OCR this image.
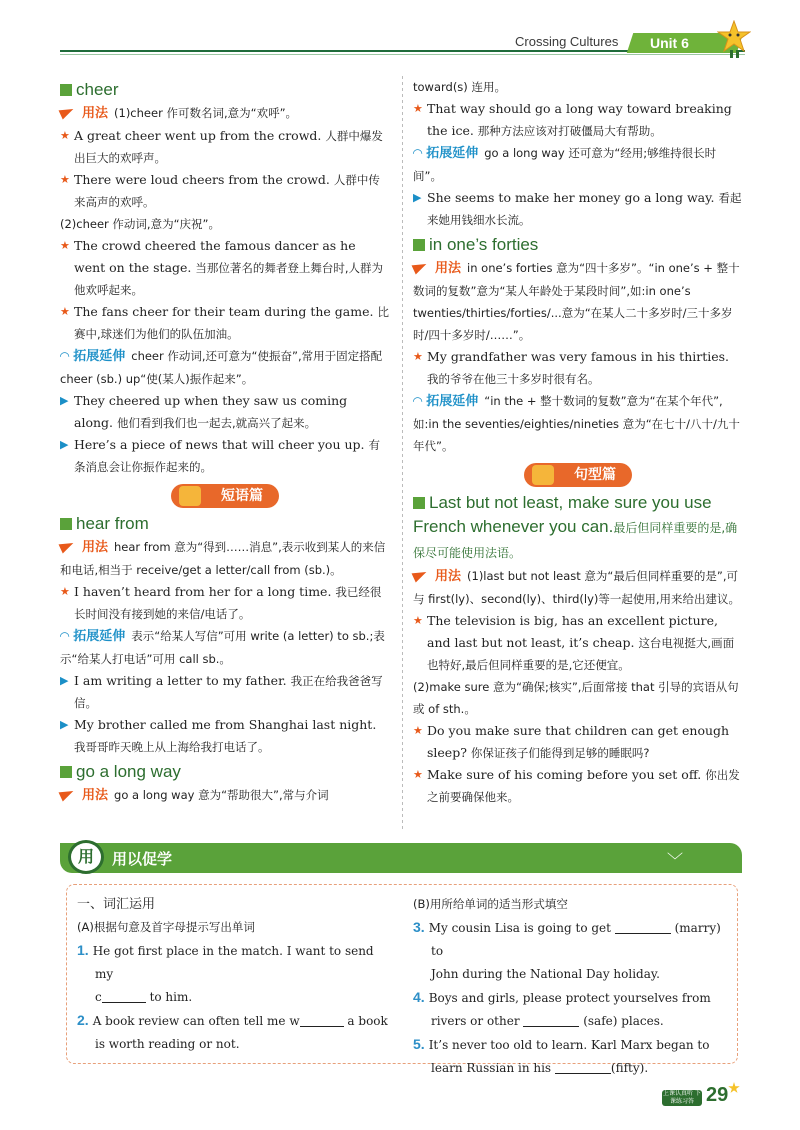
Crossing Cultures Unit 6
cheer
用法 (1)cheer 作可数名词,意为“欢呼”。
★ A great cheer went up from the crowd. 人群中爆发出巨大的欢呼声。
★ There were loud cheers from the crowd. 人群中传来高声的欢呼。
(2)cheer 作动词,意为“庆祝”。
★ The crowd cheered the famous dancer as he went on the stage. 当那位著名的舞者登上舞台时,人群为他欢呼起来。
★ The fans cheer for their team during the game. 比赛中,球迷们为他们的队伍加油。
◠ 拓展延伸 cheer 作动词,还可意为“使振奋”,常用于固定搭配 cheer (sb.) up“使(某人)振作起来”。
▶ They cheered up when they saw us coming along. 他们看到我们也一起去,就高兴了起来。
▶ Here’s a piece of news that will cheer you up. 有条消息会让你振作起来的。
短语篇
hear from
用法 hear from 意为“得到……消息”,表示收到某人的来信和电话,相当于 receive/get a letter/call from (sb.)。
★ I haven’t heard from her for a long time. 我已经很长时间没有接到她的来信/电话了。
◠ 拓展延伸 表示“给某人写信”可用 write (a letter) to sb.;表示“给某人打电话”可用 call sb.。
▶ I am writing a letter to my father. 我正在给我爸爸写信。
▶ My brother called me from Shanghai last night. 我哥哥昨天晚上从上海给我打电话了。
go a long way
用法 go a long way 意为“帮助很大”,常与介词
toward(s) 连用。
★ That way should go a long way toward breaking the ice. 那种方法应该对打破僵局大有帮助。
◠ 拓展延伸 go a long way 还可意为“经用;够维持很长时间”。
▶ She seems to make her money go a long way. 看起来她用钱细水长流。
in one’s forties
用法 in one’s forties 意为“四十多岁”。“in one’s + 整十数词的复数”意为“某人年龄处于某段时间”,如:in one’s twenties/thirties/forties/...意为“在某人二十多岁时/三十多岁时/四十多岁时/……”。
★ My grandfather was very famous in his thirties. 我的爷爷在他三十多岁时很有名。
◠ 拓展延伸 “in the + 整十数词的复数”意为“在某个年代”,如:in the seventies/eighties/nineties 意为“在七十/八十/九十年代”。
句型篇
Last but not least, make sure you use French whenever you can.最后但同样重要的是,确保尽可能使用法语。
用法 (1)last but not least 意为“最后但同样重要的是”,可与 first(ly)、second(ly)、third(ly)等一起使用,用来给出建议。
★ The television is big, has an excellent picture, and last but not least, it’s cheap. 这台电视挺大,画面也特好,最后但同样重要的是,它还便宜。
(2)make sure 意为“确保;核实”,后面常接 that 引导的宾语从句或 of sth.。
★ Do you make sure that children can get enough sleep? 你保证孩子们能得到足够的睡眠吗?
★ Make sure of his coming before you set off. 你出发之前要确保他来。
用	用以促学	﹀
一、词汇运用
(A)根据句意及首字母提示写出单词
1. He got first place in the match. I want to send my
c	to him.
2. A book review can often tell me w	a book is worth reading or not.
(B)用所给单词的适当形式填空
3. My cousin Lisa is going to get	(marry) to
John during the National Day holiday.
4. Boys and girls, please protect yourselves from rivers or other	(safe) places.
5. It’s never too old to learn. Karl Marx began to learn Russian in his	(fifty).
上课认真听 下课练习答 29
